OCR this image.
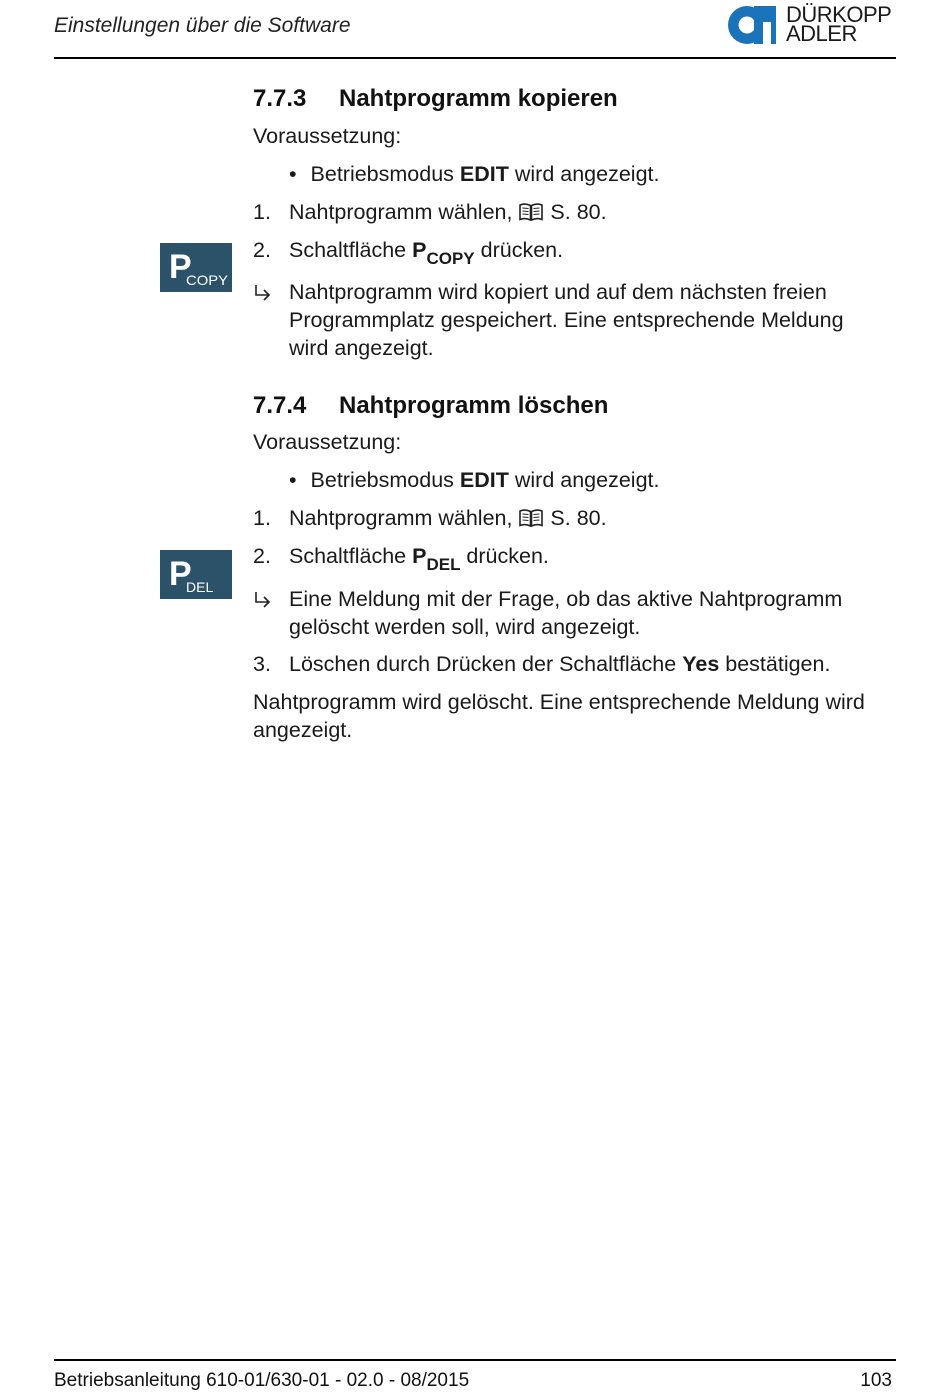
Einstellungen über die Software	DÜRKOPP
ADLER
7.7.3 Nahtprogramm kopieren
Voraussetzung:
• Betriebsmodus EDIT wird angezeigt.
1. Nahtprogramm wählen,  S. 80.
P
COPY
2. Schaltfläche $P_{COPY}$ drücken.
Nahtprogramm wird kopiert und auf dem nächsten freien
Programmplatz gespeichert. Eine entsprechende Meldung
wird angezeigt.
7.7.4 Nahtprogramm löschen
Voraussetzung:
• Betriebsmodus EDIT wird angezeigt.
1. Nahtprogramm wählen,  S. 80.
P
DEL
2. Schaltfläche $P_{DEL}$ drücken.
Eine Meldung mit der Frage, ob das aktive Nahtprogramm
gelöscht werden soll, wird angezeigt.
3. Löschen durch Drücken der Schaltfläche Yes bestätigen.
Nahtprogramm wird gelöscht. Eine entsprechende Meldung wird
angezeigt.
Betriebsanleitung 610-01/630-01 - 02.0 - 08/2015	103
